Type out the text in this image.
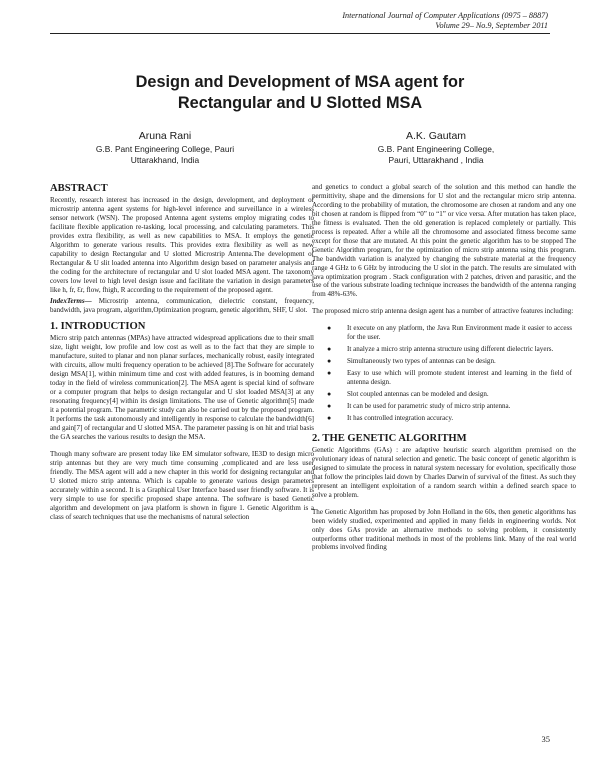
International Journal of Computer Applications (0975 – 8887)
Volume 29– No.9, September 2011
Design and Development of MSA agent for
Rectangular and U Slotted MSA
Aruna Rani
G.B. Pant Engineering College, Pauri
Uttarakhand, India
A.K. Gautam
G.B. Pant Engineering College,
Pauri, Uttarakhand , India
ABSTRACT

Recently, research interest has increased in the design, development, and deployment of microstrip antenna agent systems for high-level inference and surveillance in a wireless sensor network (WSN). The proposed Antenna agent systems employ migrating codes to facilitate flexible application re-tasking, local processing, and calculating parameters. This provides extra flexibility, as well as new capabilities to MSA. It employs the genetic Algorithm to generate various results. This provides extra flexibility as well as new capability to design Rectangular and U slotted Microstrip Antenna.The development of Rectangular & U slit loaded antenna into Algorithm design based on parameter analysis and the coding for the architecture of rectangular and U slot loaded MSA agent. The taxonomy covers low level to high level design issue and facilitate the variation in design parameters like h, fr, Ɛr, flow, fhigh, R according to the requirement of the proposed agent.

IndexTerms— Microstrip antenna, communication, dielectric constant, frequency, bandwidth, java program, algorithm,Optimization program, genetic algorithm, SHF, U slot.

1. INTRODUCTION

Micro strip patch antennas (MPAs) have attracted widespread applications due to their small size, light weight, low profile and low cost as well as to the fact that they are simple to manufacture, suited to planar and non planar surfaces, mechanically robust, easily integrated with circuits, allow multi frequency operation to be achieved [8].The Software for accurately design MSA[1], within minimum time and cost with added features, is in booming demand today in the field of wireless communication[2]. The MSA agent is special kind of software or a computer program that helps to design rectangular and U slot loaded MSA[3] at any resonating frequency[4] within its design limitations. The use of Genetic algorithm[5] made it a potential program. The parametric study can also be carried out by the proposed program. It performs the task autonomously and intelligently in response to calculate the bandwidth[6] and gain[7] of rectangular and U slotted MSA. The parameter passing is on hit and trial basis the GA searches the various results to design the MSA.

Though many software are present today like EM simulator software, IE3D to design micro strip antennas but they are very much time consuming ,complicated and are less user friendly. The MSA agent will add a new chapter in this world for designing rectangular and U slotted micro strip antenna. Which is capable to generate various design parameters accurately within a second. It is a Graphical User Interface based user friendly software. It is very simple to use for specific proposed shape antenna. The software is based Genetic algorithm and development on java platform is shown in figure 1. Genetic Algorithm is a class of search techniques that use the mechanisms of natural selection

and genetics to conduct a global search of the solution and this method can handle the permittivity, shape and the dimensions for U slot and the rectangular micro strip antenna. According to the probability of mutation, the chromosome are chosen at random and any one bit chosen at random is flipped from “0” to “1” or vice versa. After mutation has taken place, the fitness is evaluated. Then the old generation is replaced completely or partially. This process is repeated. After a while all the chromosome and associated fitness become same except for those that are mutated. At this point the genetic algorithm has to be stopped The Genetic Algorithm program, for the optimization of micro strip antenna using this program. The bandwidth variation is analyzed by changing the substrate material at the frequency range 4 GHz to 6 GHz by introducing the U slot in the patch. The results are simulated with java optimization program . Stack configuration with 2 patches, driven and parasitic, and the use of the various substrate loading technique increases the bandwidth of the antenna ranging from 48%-63%.

The proposed micro strip antenna design agent has a number of attractive features including:

● It execute on any platform, the Java Run Environment made it easier to access for the user.
● It analyze a micro strip antenna structure using different dielectric layers.
● Simultaneously two types of antennas can be design.
● Easy to use which will promote student interest and learning in the field of antenna design.
● Slot coupled antennas can be modeled and design.
● It can be used for parametric study of micro strip antenna.
● It has controlled integration accuracy.
2. THE GENETIC ALGORITHM

Genetic Algorithms (GAs) : are adaptive heuristic search algorithm premised on the evolutionary ideas of natural selection and genetic. The basic concept of genetic algorithm is designed to simulate the process in natural system necessary for evolution, specifically those that follow the principles laid down by Charles Darwin of survival of the fittest. As such they represent an intelligent exploitation of a random search within a defined search space to solve a problem.

The Genetic Algorithm has proposed by John Holland in the 60s, then genetic algorithms has been widely studied, experimented and applied in many fields in engineering worlds. Not only does GAs provide an alternative methods to solving problem, it consistently outperforms other traditional methods in most of the problems link. Many of the real world problems involved finding

35
